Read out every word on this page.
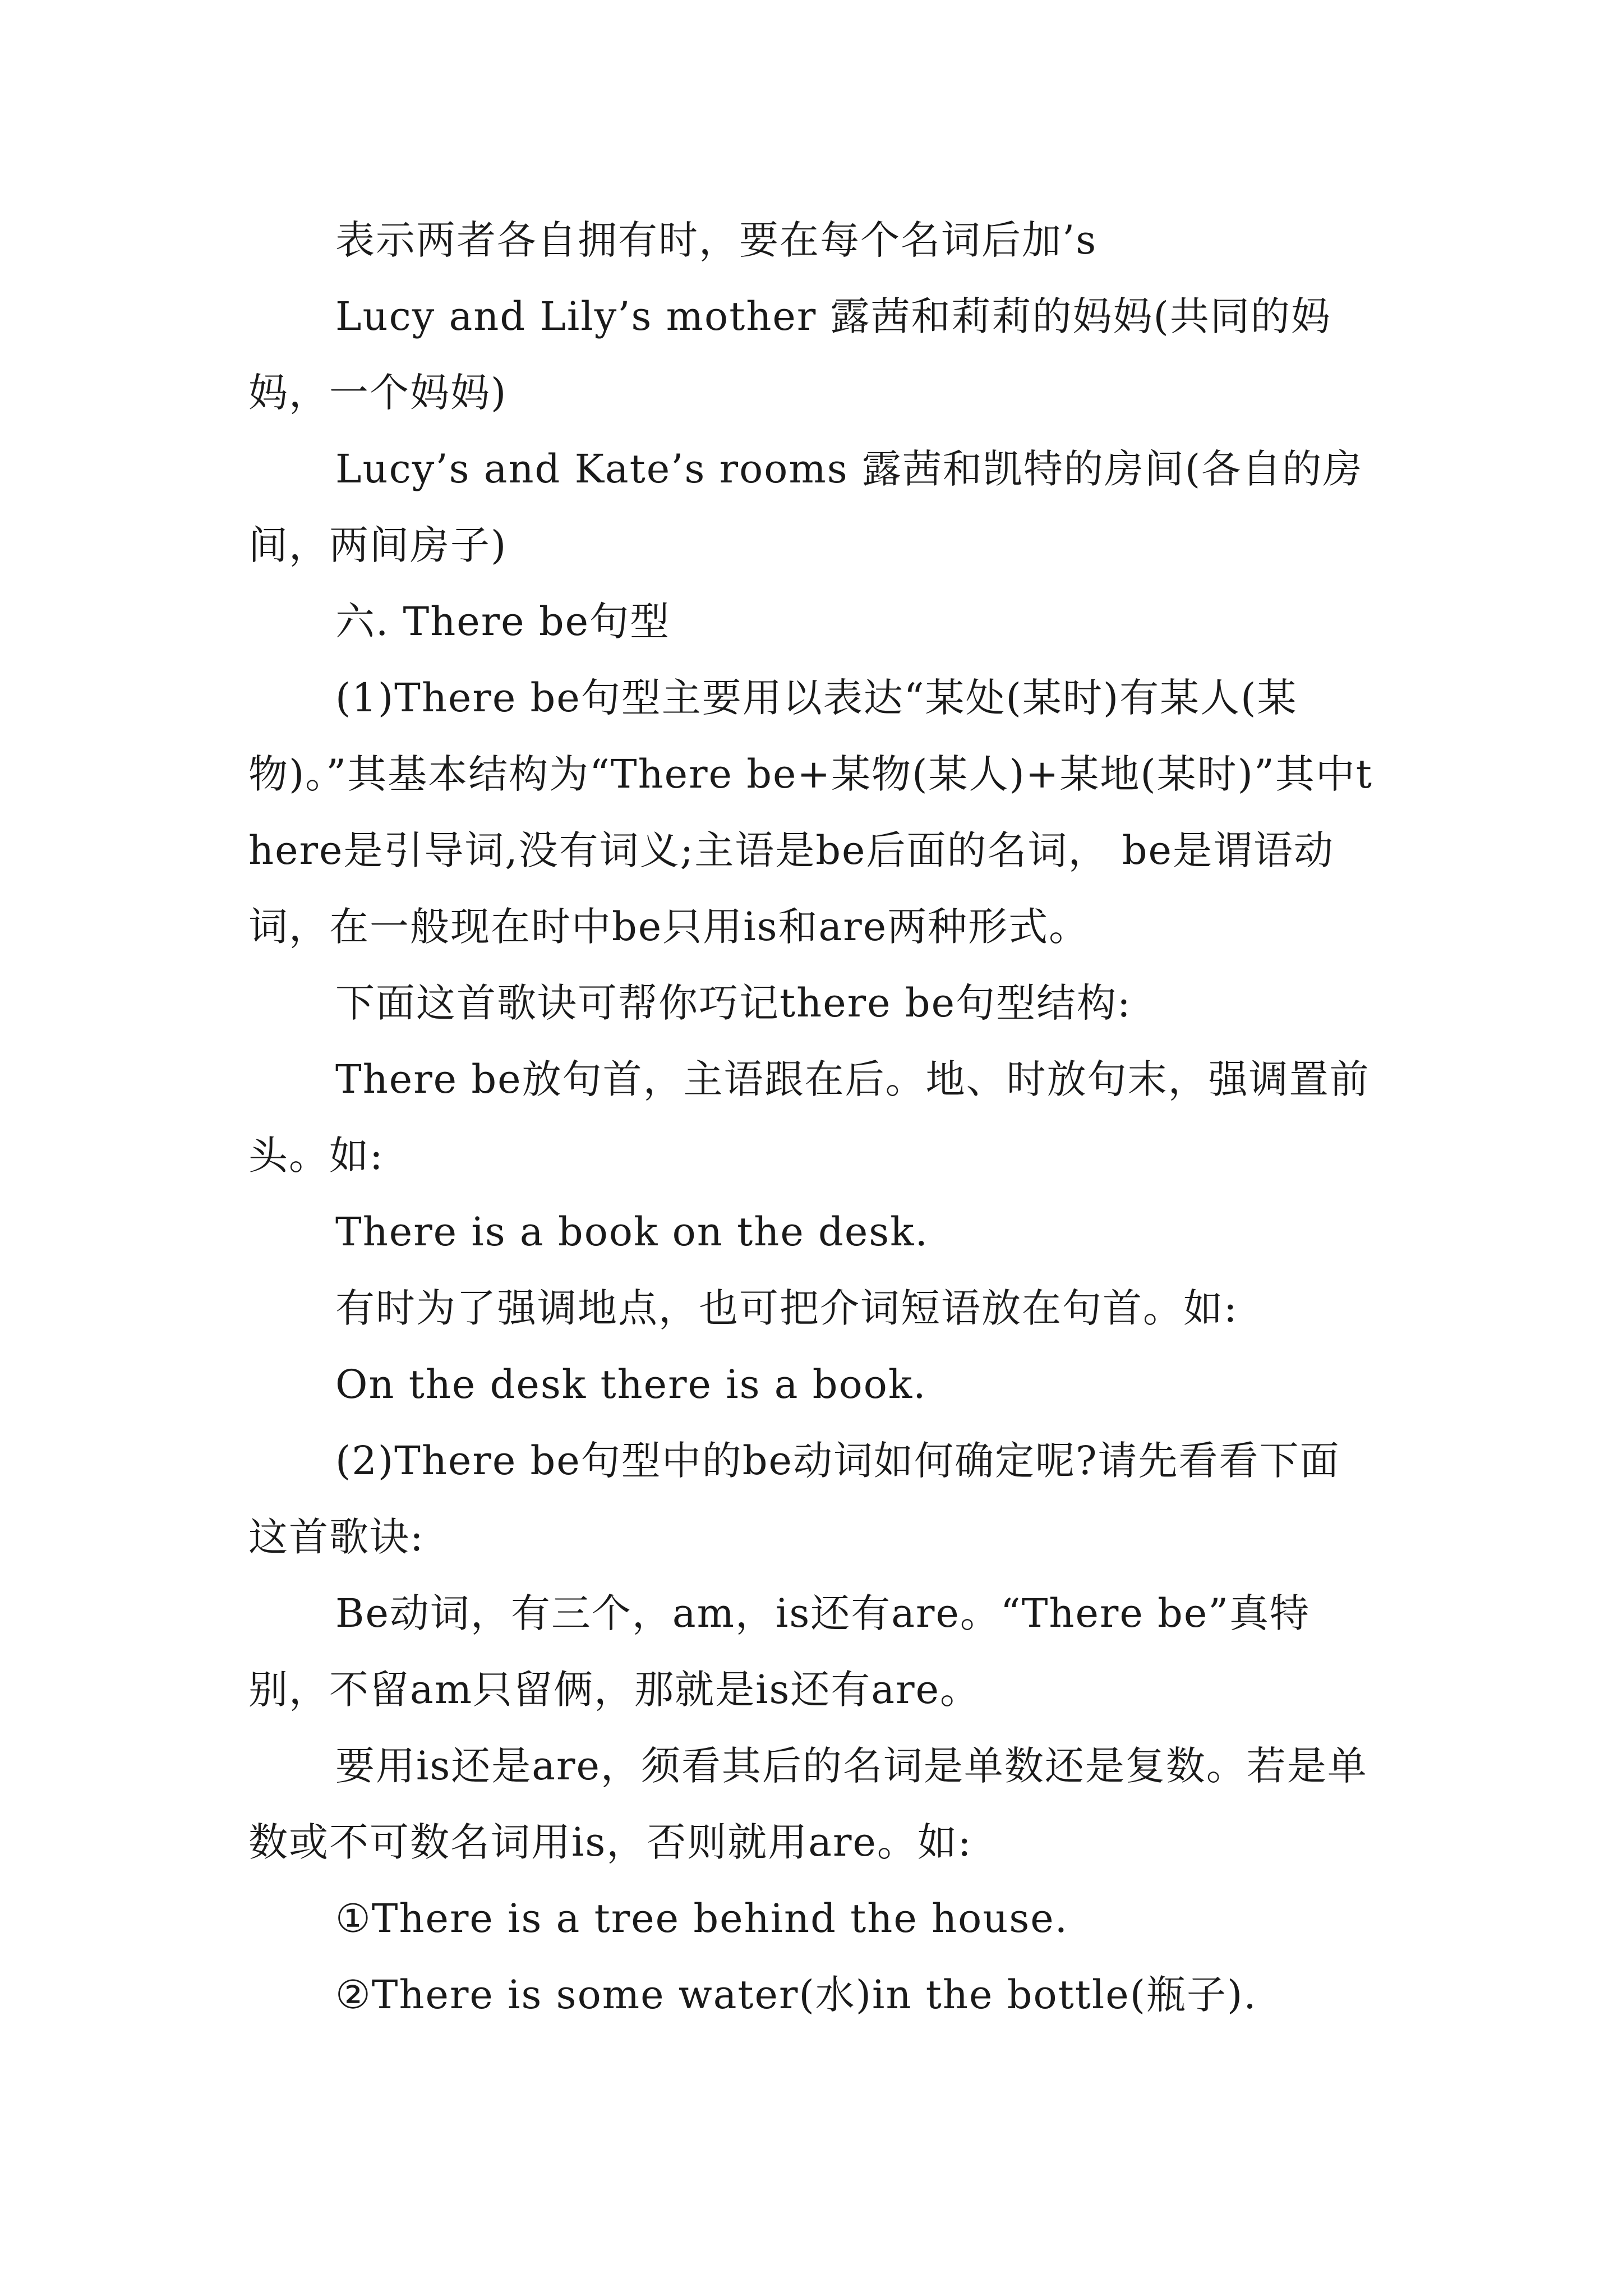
表示两者各自拥有时，要在每个名词后加’s

Lucy and Lily’s mother 露茜和莉莉的妈妈(共同的妈妈，一个妈妈)

Lucy’s and Kate’s rooms 露茜和凯特的房间(各自的房间，两间房子)

六. There be句型

(1)There be句型主要用以表达“某处(某时)有某人(某物)。”其基本结构为“There be+某物(某人)+某地(某时)”其中there是引导词,没有词义;主语是be后面的名词， be是谓语动词，在一般现在时中be只用is和are两种形式。

下面这首歌诀可帮你巧记there be句型结构:

There be放句首，主语跟在后。地、时放句末，强调置前头。如:

There is a book on the desk.

有时为了强调地点，也可把介词短语放在句首。如:

On the desk there is a book.

(2)There be句型中的be动词如何确定呢?请先看看下面这首歌诀:

Be动词，有三个，am，is还有are。“There be”真特别，不留am只留俩，那就是is还有are。

要用is还是are，须看其后的名词是单数还是复数。若是单数或不可数名词用is，否则就用are。如:

①There is a tree behind the house.

②There is some water(水)in the bottle(瓶子).
